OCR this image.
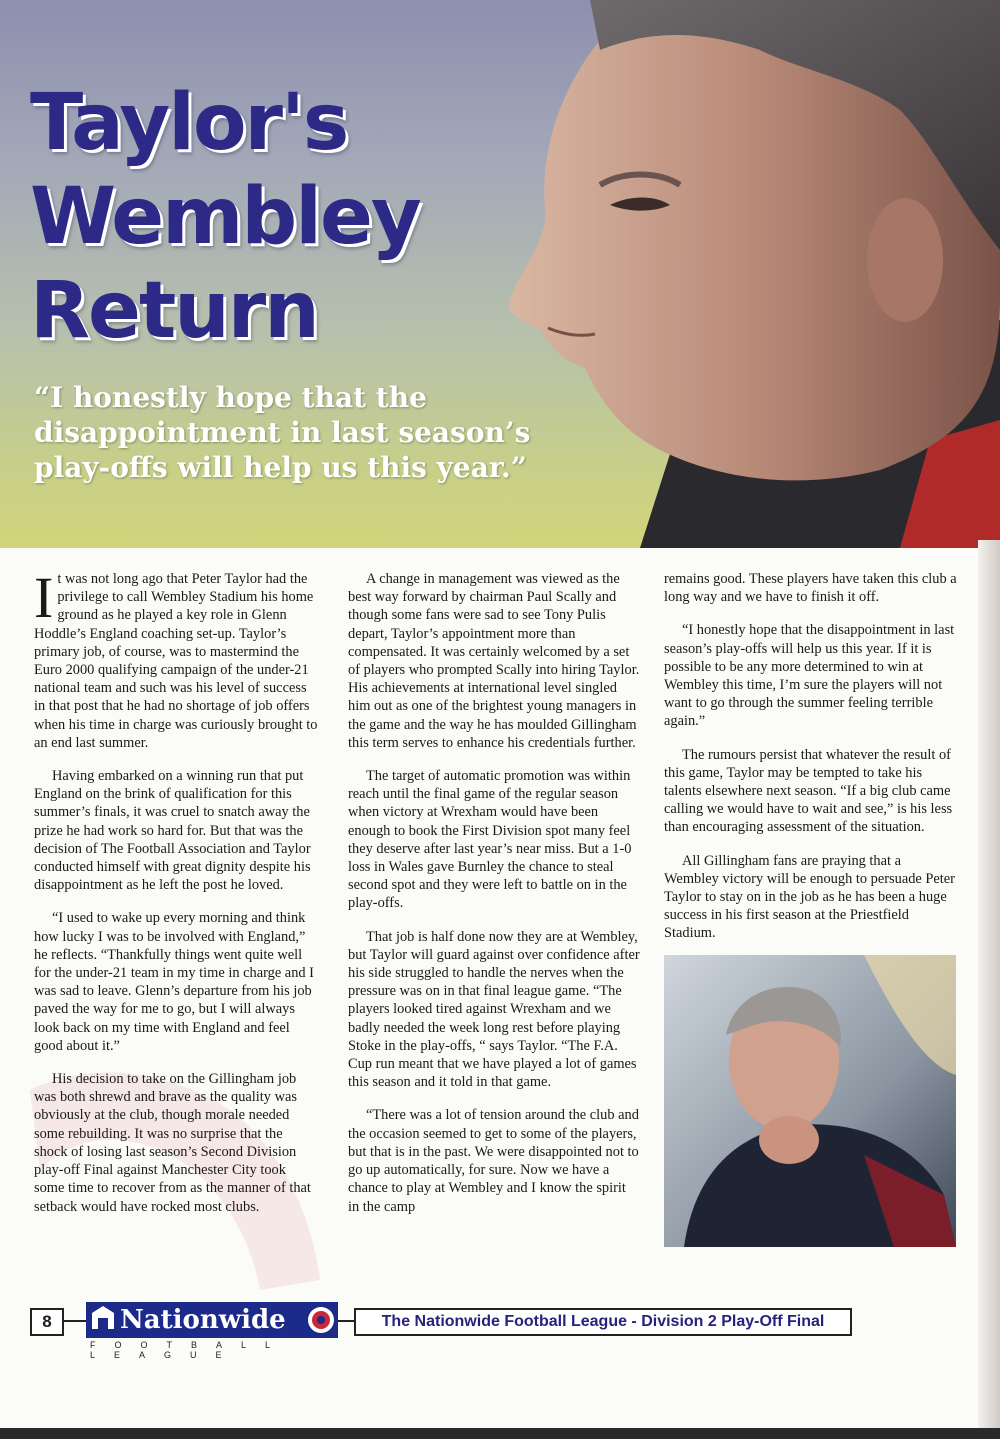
Taylor's
Wembley
Return

“I honestly hope that the disappointment in last season’s play-offs will help us this year.”

It was not long ago that Peter Taylor had the privilege to call Wembley Stadium his home ground as he played a key role in Glenn Hoddle’s England coaching set-up. Taylor’s primary job, of course, was to mastermind the Euro 2000 qualifying campaign of the under-21 national team and such was his level of success in that post that he had no shortage of job offers when his time in charge was curiously brought to an end last summer.

Having embarked on a winning run that put England on the brink of qualification for this summer’s finals, it was cruel to snatch away the prize he had work so hard for. But that was the decision of The Football Association and Taylor conducted himself with great dignity despite his disappointment as he left the post he loved.

“I used to wake up every morning and think how lucky I was to be involved with England,” he reflects. “Thankfully things went quite well for the under-21 team in my time in charge and I was sad to leave. Glenn’s departure from his job paved the way for me to go, but I will always look back on my time with England and feel good about it.”

His decision to take on the Gillingham job was both shrewd and brave as the quality was obviously at the club, though morale needed some rebuilding. It was no surprise that the shock of losing last season’s Second Division play-off Final against Manchester City took some time to recover from as the manner of that setback would have rocked most clubs.

A change in management was viewed as the best way forward by chairman Paul Scally and though some fans were sad to see Tony Pulis depart, Taylor’s appointment more than compensated. It was certainly welcomed by a set of players who prompted Scally into hiring Taylor. His achievements at international level singled him out as one of the brightest young managers in the game and the way he has moulded Gillingham this term serves to enhance his credentials further.

The target of automatic promotion was within reach until the final game of the regular season when victory at Wrexham would have been enough to book the First Division spot many feel they deserve after last year’s near miss. But a 1-0 loss in Wales gave Burnley the chance to steal second spot and they were left to battle on in the play-offs.

That job is half done now they are at Wembley, but Taylor will guard against over confidence after his side struggled to handle the nerves when the pressure was on in that final league game. “The players looked tired against Wrexham and we badly needed the week long rest before playing Stoke in the play-offs, “ says Taylor. “The F.A. Cup run meant that we have played a lot of games this season and it told in that game.

“There was a lot of tension around the club and the occasion seemed to get to some of the players, but that is in the past. We were disappointed not to go up automatically, for sure. Now we have a chance to play at Wembley and I know the spirit in the camp

remains good. These players have taken this club a long way and we have to finish it off.

“I honestly hope that the disappointment in last season’s play-offs will help us this year. If it is possible to be any more determined to win at Wembley this time, I’m sure the players will not want to go through the summer feeling terrible again.”

The rumours persist that whatever the result of this game, Taylor may be tempted to take his talents elsewhere next season. “If a big club came calling we would have to wait and see,” is his less than encouraging assessment of the situation.

All Gillingham fans are praying that a Wembley victory will be enough to persuade Peter Taylor to stay on in the job as he has been a huge success in his first season at the Priestfield Stadium.

8	Nationwide
FOOTBALL LEAGUE
The Nationwide Football League - Division 2 Play-Off Final
